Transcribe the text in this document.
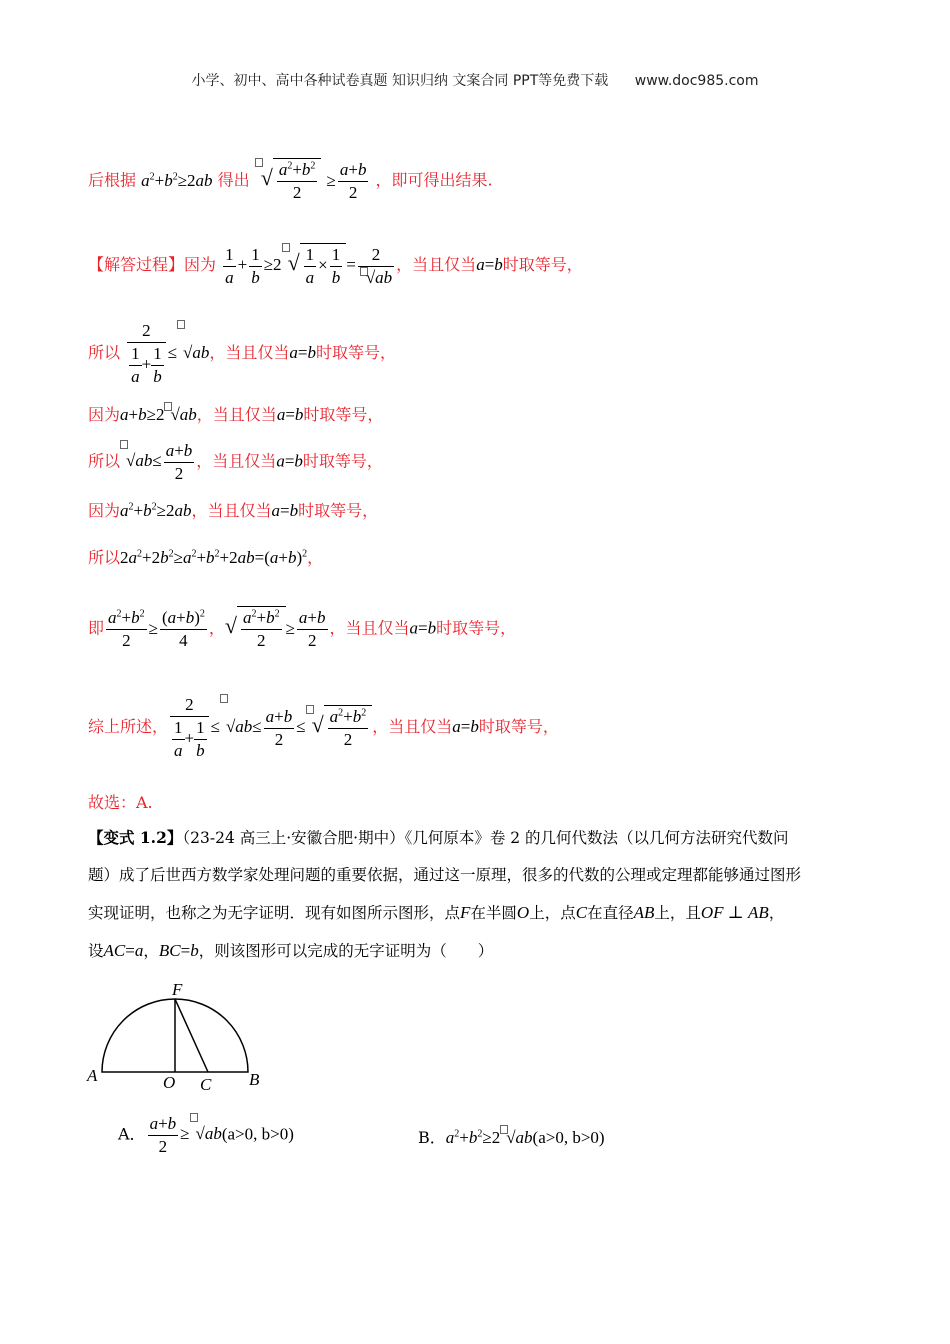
小学、初中、高中各种试卷真题 知识归纳 文案合同 PPT等免费下载 www.doc985.com
后根据 $a^2+b^2\ge 2ab$ 得出 √ $\frac{a^2+b^2}{2} \ge \frac{a+b}{2}$ ，即可得出结果.
【解答过程】因为 $\frac{1}{a} + \frac{1}{b} \ge 2$ √ $\frac{1}{a} \times \frac{1}{b} = \frac{2}{√ab}$ ，当且仅当a=b时取等号，
所以 $\frac{2}{\frac{1}{a} + \frac{1}{b}} \le √ab$，当且仅当a=b时取等号，
因为a+b≥2 √ab，当且仅当a=b时取等号，
所以 $√ab\le \frac{a+b}{2}$ ，当且仅当a=b时取等号，
因为$a^2+b^2\ge 2ab$，当且仅当a=b时取等号，
所以$2a^2+2b^2\ge a^2+b^2+2ab=(a+b)^2$，
即 $\frac{a^2+b^2}{2} \ge \frac{(a+b)^2}{4}$ ，√ $\frac{a^2+b^2}{2} \ge \frac{a+b}{2}$ ，当且仅当a=b时取等号，
综上所述， $\frac{2}{\frac{1}{a} + \frac{1}{b}} \le √ab\le \frac{a+b}{2}$ ≤ √ $\frac{a^2+b^2}{2}$ ，当且仅当a=b时取等号，
故选：A.
【变式 1.2】（23-24 高三上·安徽合肥·期中）《几何原本》卷 2 的几何代数法（以几何方法研究代数问
题）成了后世西方数学家处理问题的重要依据，通过这一原理，很多的代数的公理或定理都能够通过图形
实现证明，也称之为无字证明．现有如图所示图形，点F在半圆O上，点C在直径AB上，且OF ⊥ AB，
设AC=a，BC=b，则该图形可以完成的无字证明为（　　）
F
A	O C B
A． $\frac{a+b}{2} \ge √ab(a>0$, b>0)	B．$a^2+b^2\ge 2$ √ab(a>0, b>0)
